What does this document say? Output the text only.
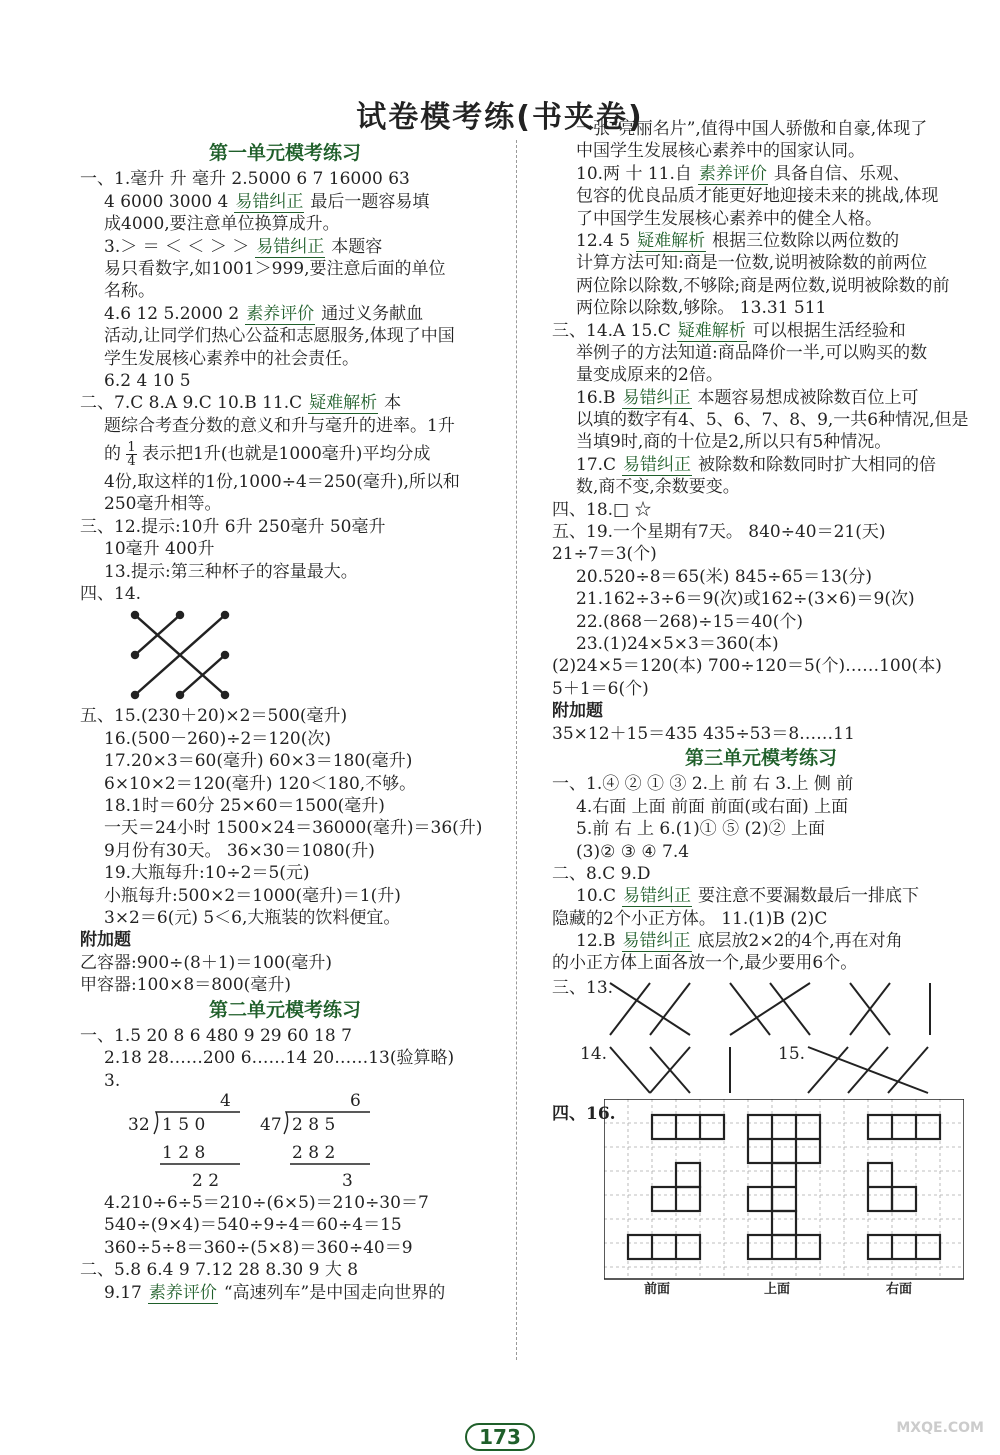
试卷模考练(书夹卷)
第一单元模考练习
一、1.毫升 升 毫升 2.5000 6 7 16000 63
4 6000 3000 4 易错纠正 最后一题容易填
成4000,要注意单位换算成升。
3.＞ ＝ ＜ ＜ ＞ ＞ 易错纠正 本题容
易只看数字,如1001＞999,要注意后面的单位
名称。
4.6 12 5.2000 2 素养评价 通过义务献血
活动,让同学们热心公益和志愿服务,体现了中国
学生发展核心素养中的社会责任。
6.2 4 10 5
二、7.C 8.A 9.C 10.B 11.C 疑难解析 本
题综合考查分数的意义和升与毫升的进率。1升
的 $\frac{1}{4}$ 表示把1升(也就是1000毫升)平均分成
4份,取这样的1份,1000÷4＝250(毫升),所以和
250毫升相等。
三、12.提示:10升 6升 250毫升 50毫升
10毫升 400升
13.提示:第三种杯子的容量最大。
四、14.
五、15.(230＋20)×2＝500(毫升)
16.(500－260)÷2＝120(次)
17.20×3＝60(毫升) 60×3＝180(毫升)
6×10×2＝120(毫升) 120＜180,不够。
18.1时＝60分 25×60＝1500(毫升)
一天＝24小时 1500×24＝36000(毫升)＝36(升)
9月份有30天。 36×30＝1080(升)
19.大瓶每升:10÷2＝5(元)
小瓶每升:500×2＝1000(毫升)＝1(升)
3×2＝6(元) 5＜6,大瓶装的饮料便宜。
附加题
乙容器:900÷(8＋1)＝100(毫升)
甲容器:100×8＝800(毫升)
第二单元模考练习
一、1.5 20 8 6 480 9 29 60 18 7
2.18 28……200 6……14 20……13(验算略)
3.
4
32 1 5 0
1 2 8
2 2
6
47 2 8 5
2 8 2
3
4.210÷6÷5＝210÷(6×5)＝210÷30＝7
540÷(9×4)＝540÷9÷4＝60÷4＝15
360÷5÷8＝360÷(5×8)＝360÷40＝9
二、5.8 6.4 9 7.12 28 8.30 9 大 8
9.17 素养评价 “高速列车”是中国走向世界的
一张“亮丽名片”,值得中国人骄傲和自豪,体现了
中国学生发展核心素养中的国家认同。
10.两 十 11.自 素养评价 具备自信、乐观、
包容的优良品质才能更好地迎接未来的挑战,体现
了中国学生发展核心素养中的健全人格。
12.4 5 疑难解析 根据三位数除以两位数的
计算方法可知:商是一位数,说明被除数的前两位
两位除以除数,不够除;商是两位数,说明被除数的前
两位除以除数,够除。 13.31 511
三、14.A 15.C 疑难解析 可以根据生活经验和
举例子的方法知道:商品降价一半,可以购买的数
量变成原来的2倍。
16.B 易错纠正 本题容易想成被除数百位上可
以填的数字有4、5、6、7、8、9,一共6种情况,但是
当填9时,商的十位是2,所以只有5种情况。
17.C 易错纠正 被除数和除数同时扩大相同的倍
数,商不变,余数要变。
四、18.□ ☆
五、19.一个星期有7天。 840÷40＝21(天)
21÷7＝3(个)
20.520÷8＝65(米) 845÷65＝13(分)
21.162÷3÷6＝9(次)或162÷(3×6)＝9(次)
22.(868－268)÷15＝40(个)
23.(1)24×5×3＝360(本)
(2)24×5＝120(本) 700÷120＝5(个)……100(本)
5＋1＝6(个)
附加题
35×12＋15＝435 435÷53＝8……11
第三单元模考练习
一、1.④ ② ① ③ 2.上 前 右 3.上 侧 前
4.右面 上面 前面 前面(或右面) 上面
5.前 右 上 6.(1)① ⑤ (2)② 上面
(3)② ③ ④ 7.4
二、8.C 9.D
10.C 易错纠正 要注意不要漏数最后一排底下
隐藏的2个小正方体。 11.(1)B (2)C
12.B 易错纠正 底层放2×2的4个,再在对角
的小正方体上面各放一个,最少要用6个。
三、13.
14.	15.
四、16.
前面	上面	右面
173	MXQE.COM
